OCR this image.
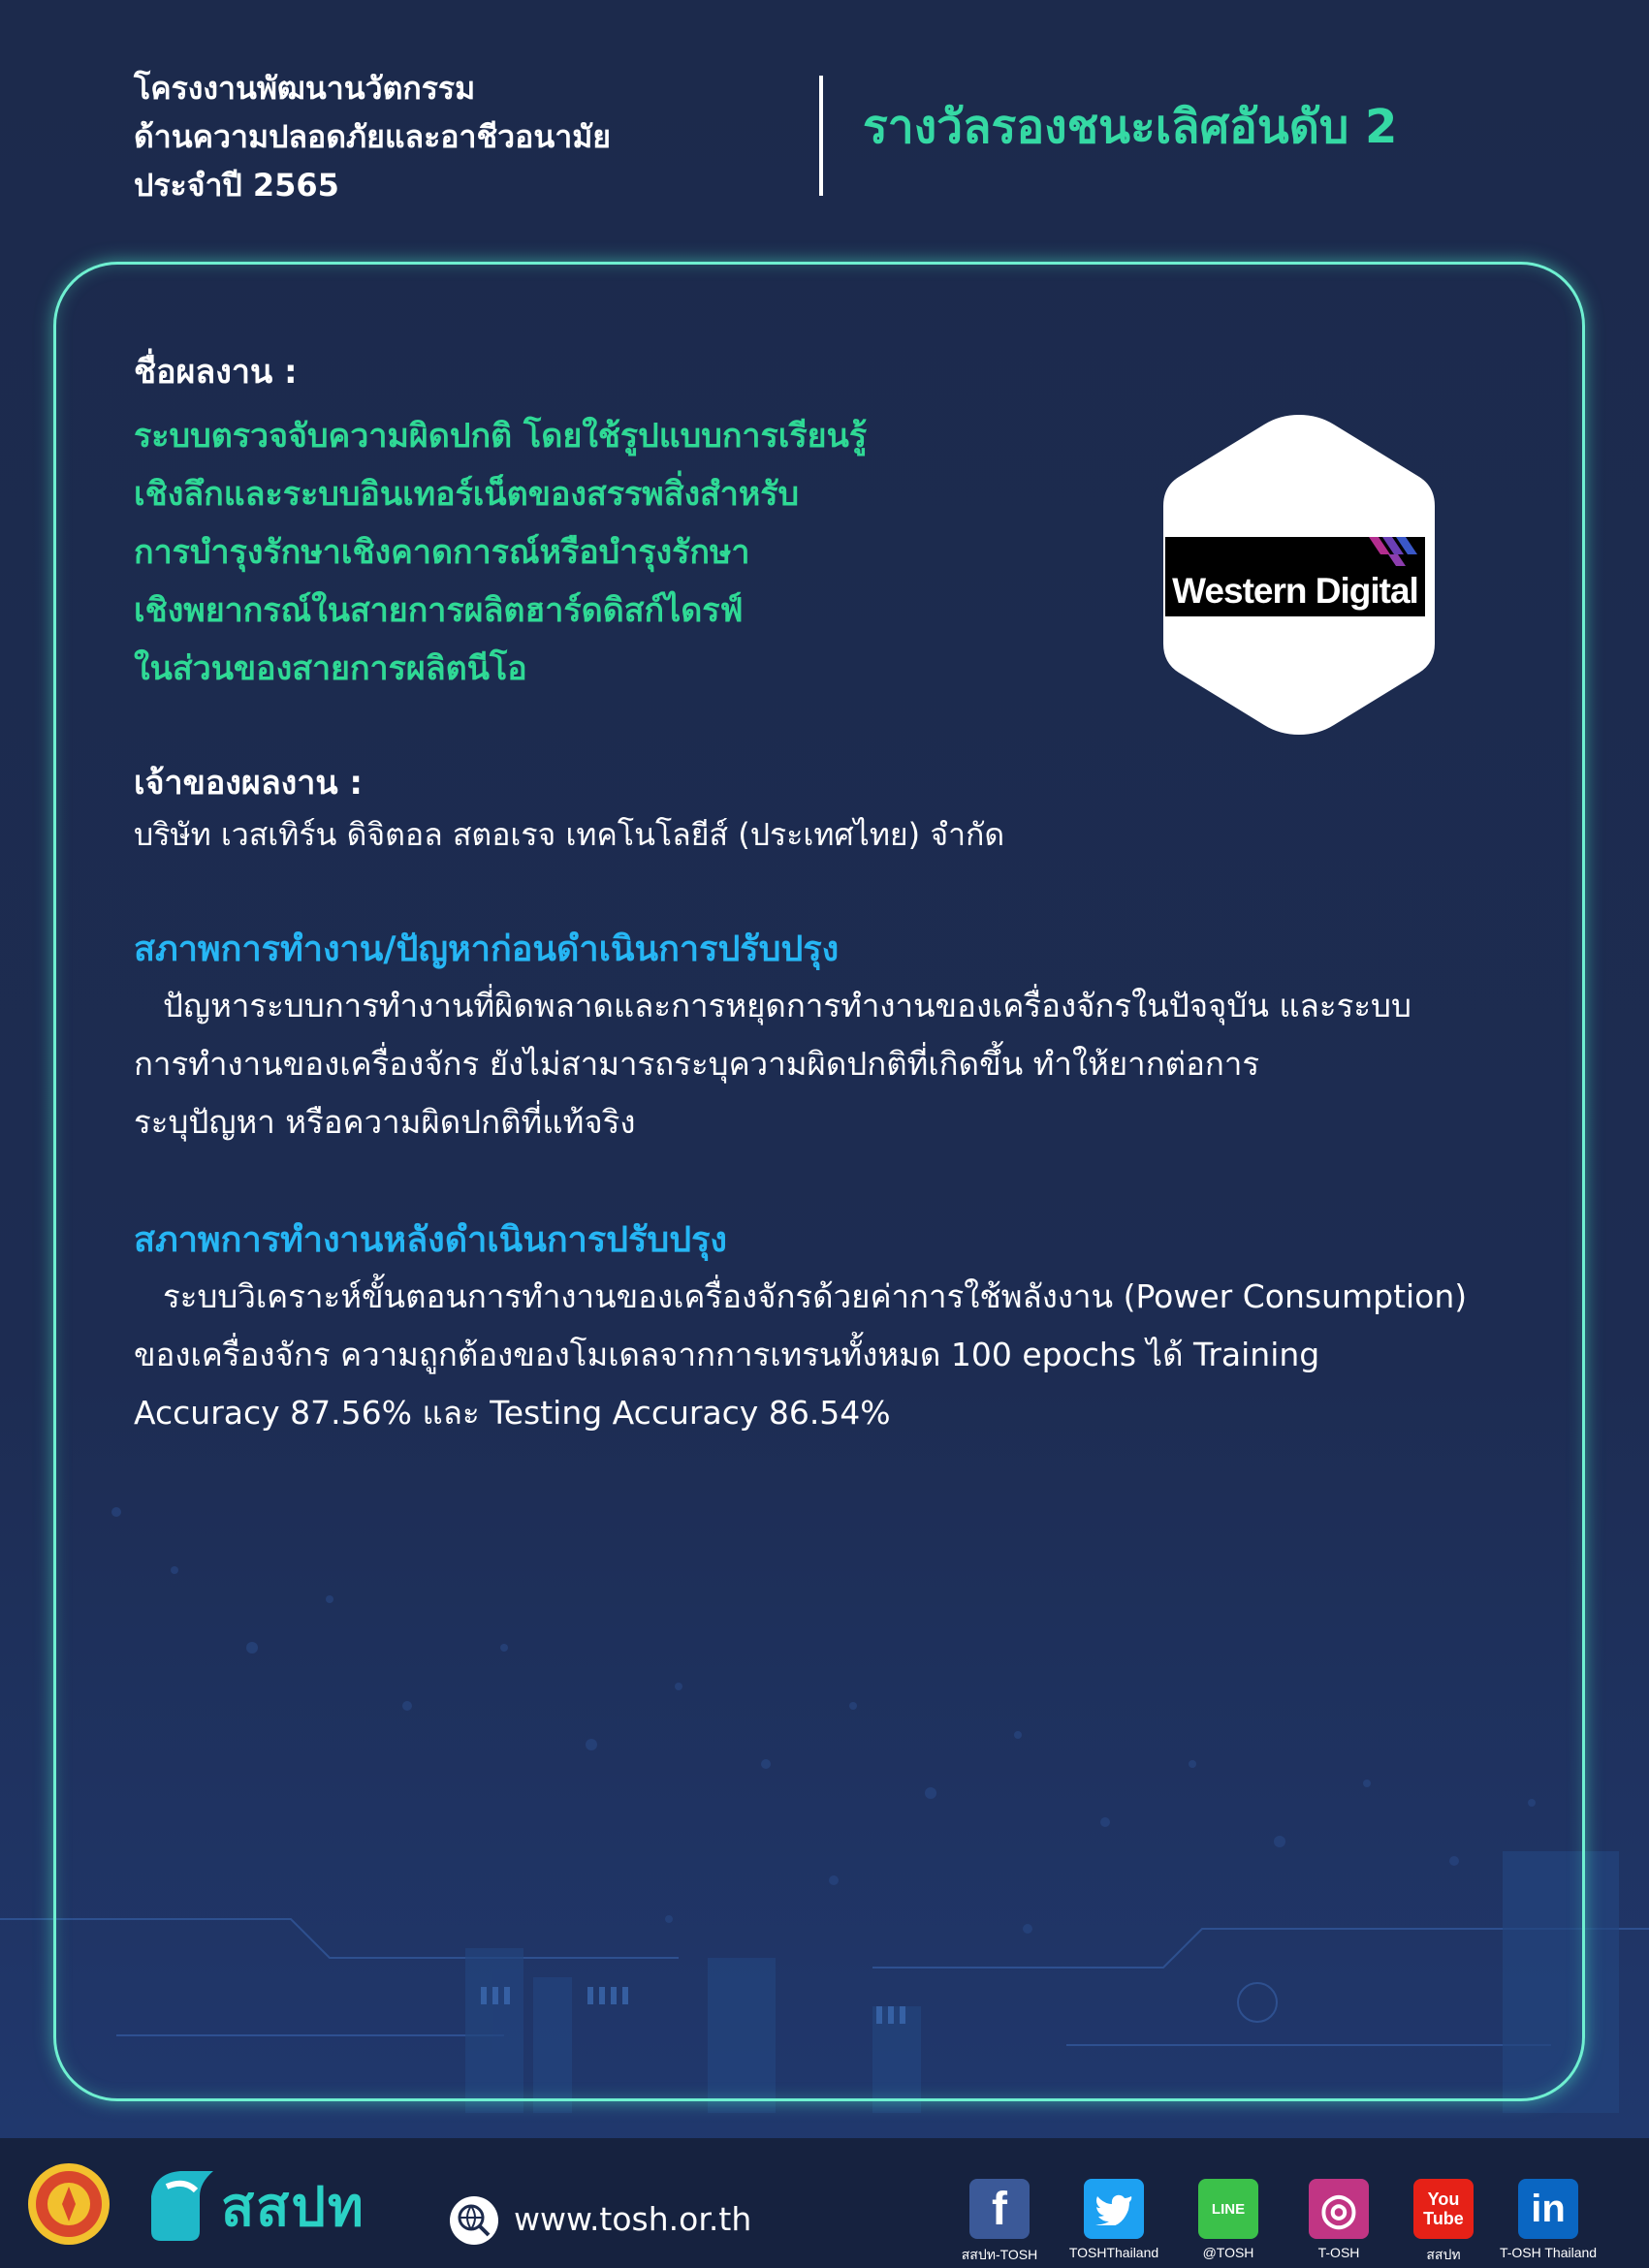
โครงงานพัฒนานวัตกรรม
ด้านความปลอดภัยและอาชีวอนามัย
ประจำปี 2565
รางวัลรองชนะเลิศอันดับ 2
ชื่อผลงาน :
ระบบตรวจจับความผิดปกติ โดยใช้รูปแบบการเรียนรู้
เชิงลึกและระบบอินเทอร์เน็ตของสรรพสิ่งสำหรับ
การบำรุงรักษาเชิงคาดการณ์หรือบำรุงรักษา
เชิงพยากรณ์ในสายการผลิตฮาร์ดดิสก์ไดรฟ์
ในส่วนของสายการผลิตนีโอ
Western Digital
เจ้าของผลงาน :
บริษัท เวสเทิร์น ดิจิตอล สตอเรจ เทคโนโลยีส์ (ประเทศไทย) จำกัด
สภาพการทำงาน/ปัญหาก่อนดำเนินการปรับปรุง
ปัญหาระบบการทำงานที่ผิดพลาดและการหยุดการทำงานของเครื่องจักรในปัจจุบัน และระบบ
การทำงานของเครื่องจักร ยังไม่สามารถระบุความผิดปกติที่เกิดขึ้น ทำให้ยากต่อการ
ระบุปัญหา หรือความผิดปกติที่แท้จริง
สภาพการทำงานหลังดำเนินการปรับปรุง
ระบบวิเคราะห์ขั้นตอนการทำงานของเครื่องจักรด้วยค่าการใช้พลังงาน (Power Consumption)
ของเครื่องจักร ความถูกต้องของโมเดลจากการเทรนทั้งหมด 100 epochs ได้ Training
Accuracy 87.56% และ Testing Accuracy 86.54%
สสปท	www.tosh.or.th	f
สสปท-TOSH	TOSHThailand
LINE
@TOSH
◎
T-OSH
You Tube
สสปท
in
T-OSH Thailand
